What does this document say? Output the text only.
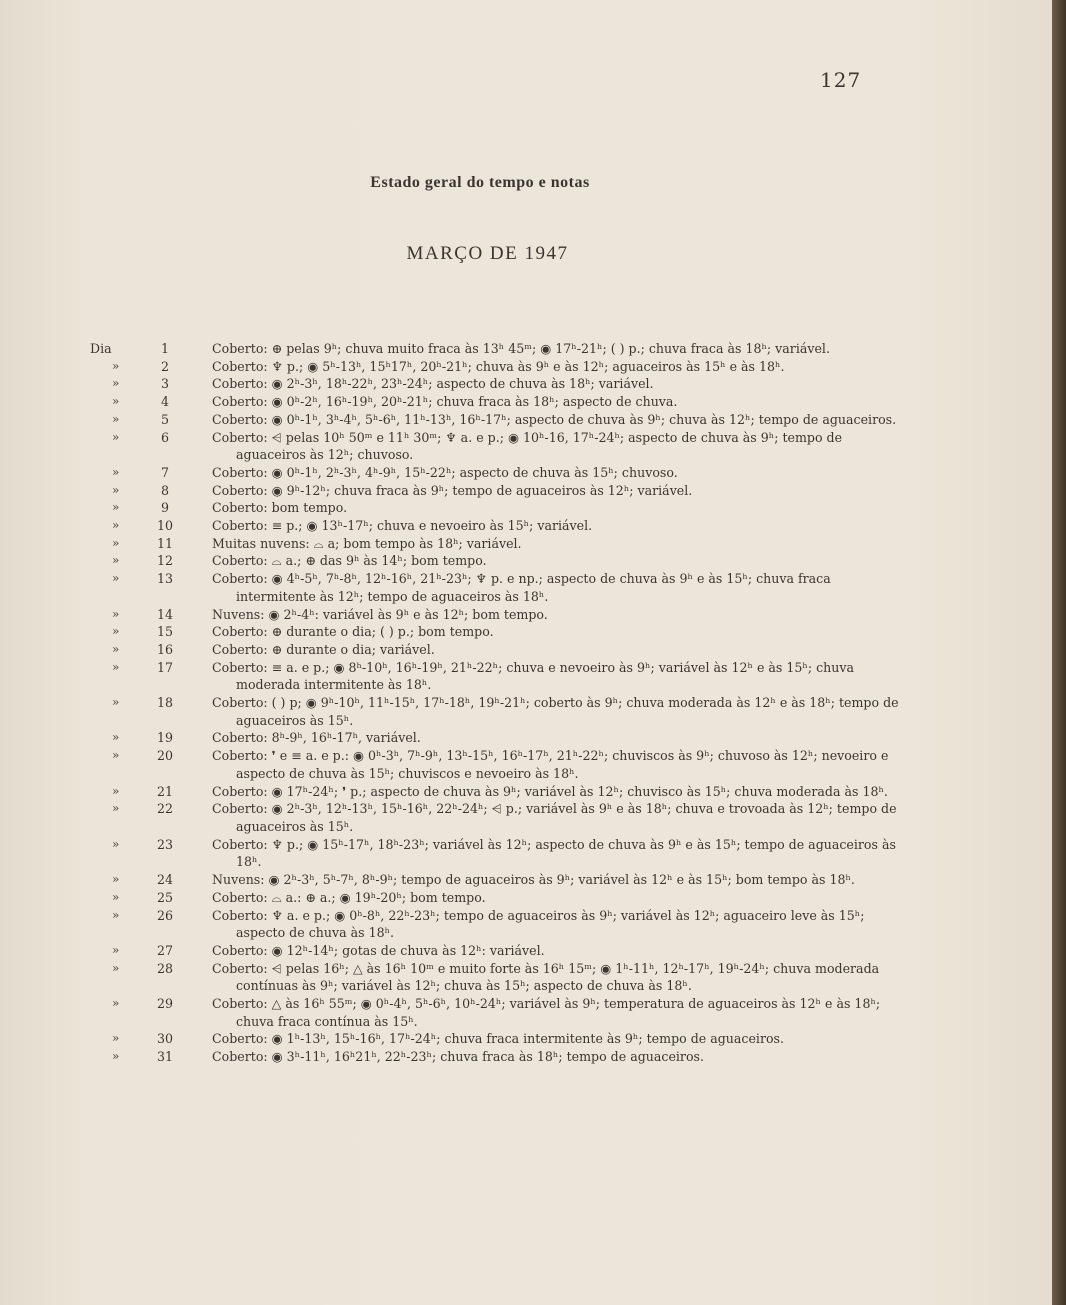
127
Estado geral do tempo e notas
MARÇO DE 1947
Dia	1	Coberto: ⊕ pelas 9ʰ; chuva muito fraca às 13ʰ 45ᵐ; ◉ 17ʰ-21ʰ; ( ) p.; chuva fraca às 18ʰ; variável.
»	2	Coberto: ♆ p.; ◉ 5ʰ-13ʰ, 15ʰ17ʰ, 20ʰ-21ʰ; chuva às 9ʰ e às 12ʰ; aguaceiros às 15ʰ e às 18ʰ.
»	3	Coberto: ◉ 2ʰ-3ʰ, 18ʰ-22ʰ, 23ʰ-24ʰ; aspecto de chuva às 18ʰ; variável.
»	4	Coberto: ◉ 0ʰ-2ʰ, 16ʰ-19ʰ, 20ʰ-21ʰ; chuva fraca às 18ʰ; aspecto de chuva.
»	5	Coberto: ◉ 0ʰ-1ʰ, 3ʰ-4ʰ, 5ʰ-6ʰ, 11ʰ-13ʰ, 16ʰ-17ʰ; aspecto de chuva às 9ʰ; chuva às 12ʰ; tempo de aguaceiros.
»	6	Coberto: ⩤ pelas 10ʰ 50ᵐ e 11ʰ 30ᵐ; ♆ a. e p.; ◉ 10ʰ-16, 17ʰ-24ʰ; aspecto de chuva às 9ʰ; tempo de aguaceiros às 12ʰ; chuvoso.
»	7	Coberto: ◉ 0ʰ-1ʰ, 2ʰ-3ʰ, 4ʰ-9ʰ, 15ʰ-22ʰ; aspecto de chuva às 15ʰ; chuvoso.
»	8	Coberto: ◉ 9ʰ-12ʰ; chuva fraca às 9ʰ; tempo de aguaceiros às 12ʰ; variável.
»	9	Coberto: bom tempo.
»	10	Coberto: ≡ p.; ◉ 13ʰ-17ʰ; chuva e nevoeiro às 15ʰ; variável.
»	11	Muitas nuvens: ⌓ a; bom tempo às 18ʰ; variável.
»	12	Coberto: ⌓ a.; ⊕ das 9ʰ às 14ʰ; bom tempo.
»	13	Coberto: ◉ 4ʰ-5ʰ, 7ʰ-8ʰ, 12ʰ-16ʰ, 21ʰ-23ʰ; ♆ p. e np.; aspecto de chuva às 9ʰ e às 15ʰ; chuva fraca intermitente às 12ʰ; tempo de aguaceiros às 18ʰ.
»	14	Nuvens: ◉ 2ʰ-4ʰ: variável às 9ʰ e às 12ʰ; bom tempo.
»	15	Coberto: ⊕ durante o dia; ( ) p.; bom tempo.
»	16	Coberto: ⊕ durante o dia; variável.
»	17	Coberto: ≡ a. e p.; ◉ 8ʰ-10ʰ, 16ʰ-19ʰ, 21ʰ-22ʰ; chuva e nevoeiro às 9ʰ; variável às 12ʰ e às 15ʰ; chuva moderada intermitente às 18ʰ.
»	18	Coberto: ( ) p; ◉ 9ʰ-10ʰ, 11ʰ-15ʰ, 17ʰ-18ʰ, 19ʰ-21ʰ; coberto às 9ʰ; chuva moderada às 12ʰ e às 18ʰ; tempo de aguaceiros às 15ʰ.
»	19	Coberto: 8ʰ-9ʰ, 16ʰ-17ʰ, variável.
»	20	Coberto: ❜ e ≡ a. e p.: ◉ 0ʰ-3ʰ, 7ʰ-9ʰ, 13ʰ-15ʰ, 16ʰ-17ʰ, 21ʰ-22ʰ; chuviscos às 9ʰ; chuvoso às 12ʰ; nevoeiro e aspecto de chuva às 15ʰ; chuviscos e nevoeiro às 18ʰ.
»	21	Coberto: ◉ 17ʰ-24ʰ; ❜ p.; aspecto de chuva às 9ʰ; variável às 12ʰ; chuvisco às 15ʰ; chuva moderada às 18ʰ.
»	22	Coberto: ◉ 2ʰ-3ʰ, 12ʰ-13ʰ, 15ʰ-16ʰ, 22ʰ-24ʰ; ⩤ p.; variável às 9ʰ e às 18ʰ; chuva e trovoada às 12ʰ; tempo de aguaceiros às 15ʰ.
»	23	Coberto: ♆ p.; ◉ 15ʰ-17ʰ, 18ʰ-23ʰ; variável às 12ʰ; aspecto de chuva às 9ʰ e às 15ʰ; tempo de aguaceiros às 18ʰ.
»	24	Nuvens: ◉ 2ʰ-3ʰ, 5ʰ-7ʰ, 8ʰ-9ʰ; tempo de aguaceiros às 9ʰ; variável às 12ʰ e às 15ʰ; bom tempo às 18ʰ.
»	25	Coberto: ⌓ a.: ⊕ a.; ◉ 19ʰ-20ʰ; bom tempo.
»	26	Coberto: ♆ a. e p.; ◉ 0ʰ-8ʰ, 22ʰ-23ʰ; tempo de aguaceiros às 9ʰ; variável às 12ʰ; aguaceiro leve às 15ʰ; aspecto de chuva às 18ʰ.
»	27	Coberto: ◉ 12ʰ-14ʰ; gotas de chuva às 12ʰ: variável.
»	28	Coberto: ⩤ pelas 16ʰ; △ às 16ʰ 10ᵐ e muito forte às 16ʰ 15ᵐ; ◉ 1ʰ-11ʰ, 12ʰ-17ʰ, 19ʰ-24ʰ; chuva moderada contínuas às 9ʰ; variável às 12ʰ; chuva às 15ʰ; aspecto de chuva às 18ʰ.
»	29	Coberto: △ às 16ʰ 55ᵐ; ◉ 0ʰ-4ʰ, 5ʰ-6ʰ, 10ʰ-24ʰ; variável às 9ʰ; temperatura de aguaceiros às 12ʰ e às 18ʰ; chuva fraca contínua às 15ʰ.
»	30	Coberto: ◉ 1ʰ-13ʰ, 15ʰ-16ʰ, 17ʰ-24ʰ; chuva fraca intermitente às 9ʰ; tempo de aguaceiros.
»	31	Coberto: ◉ 3ʰ-11ʰ, 16ʰ21ʰ, 22ʰ-23ʰ; chuva fraca às 18ʰ; tempo de aguaceiros.
